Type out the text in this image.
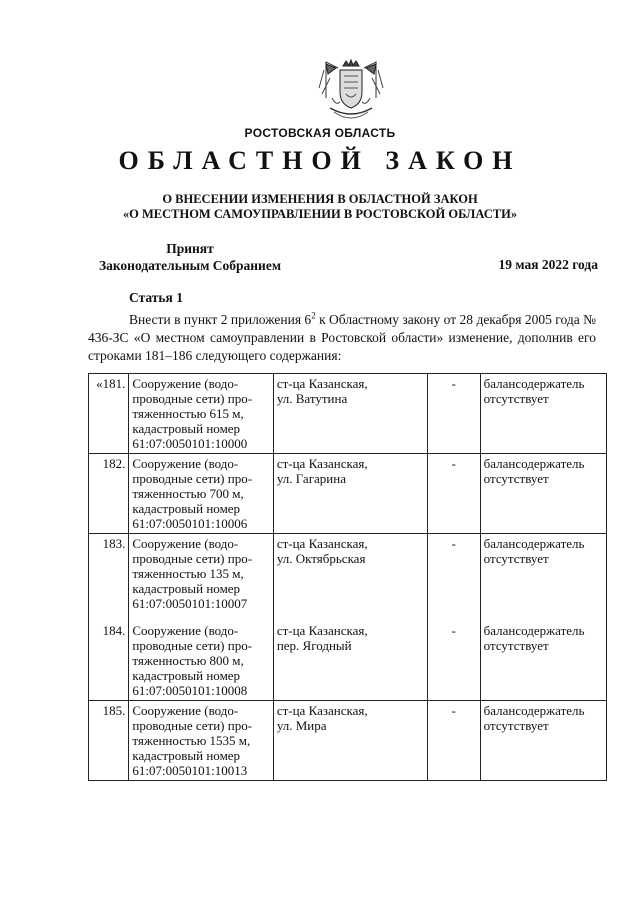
РОСТОВСКАЯ ОБЛАСТЬ
ОБЛАСТНОЙ ЗАКОН
О ВНЕСЕНИИ ИЗМЕНЕНИЯ В ОБЛАСТНОЙ ЗАКОН
«О МЕСТНОМ САМОУПРАВЛЕНИИ В РОСТОВСКОЙ ОБЛАСТИ»
Принят
Законодательным Собранием	19 мая 2022 года
Статья 1
Внести в пункт 2 приложения $6^2$ к Областному закону от 28 декабря 2005 года № 436-ЗС «О местном самоуправлении в Ростовской области» изменение, дополнив его строками 181–186 следующего содержания:
«181.	Сооружение (водо-
проводные сети) про-
тяженностью 615 м,
кадастровый номер
61:07:0050101:10000	ст-ца Казанская,
ул. Ватутина	-	балансодержатель
отсутствует

182.	Сооружение (водо-
проводные сети) про-
тяженностью 700 м,
кадастровый номер
61:07:0050101:10006	ст-ца Казанская,
ул. Гагарина	-	балансодержатель
отсутствует

183.	Сооружение (водо-
проводные сети) про-
тяженностью 135 м,
кадастровый номер
61:07:0050101:10007	ст-ца Казанская,
ул. Октябрьская	-	балансодержатель
отсутствует

184.	Сооружение (водо-
проводные сети) про-
тяженностью 800 м,
кадастровый номер
61:07:0050101:10008	ст-ца Казанская,
пер. Ягодный	-	балансодержатель
отсутствует

185.	Сооружение (водо-
проводные сети) про-
тяженностью 1535 м,
кадастровый номер
61:07:0050101:10013	ст-ца Казанская,
ул. Мира	-	балансодержатель
отсутствует
